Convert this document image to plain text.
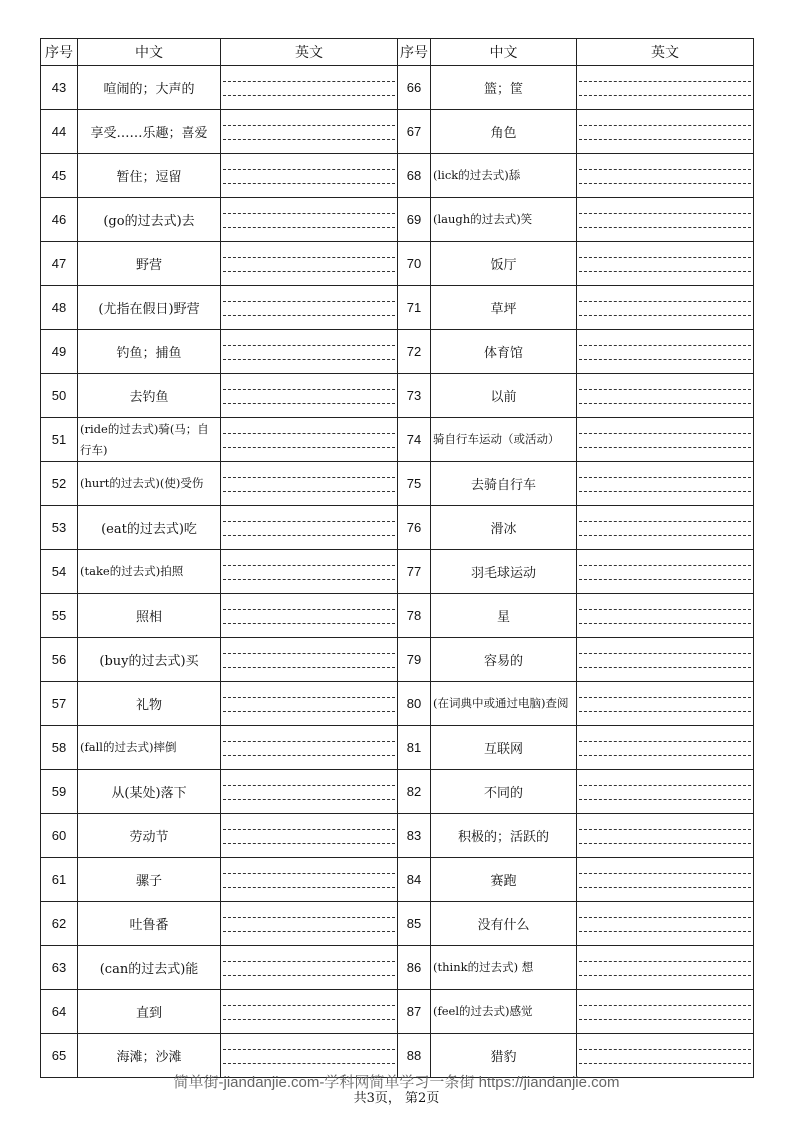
序号	中文	英文	序号	中文	英文
43	喧闹的；大声的		66	篮；筐	

44	享受……乐趣；喜爱		67	角色	

45	暂住；逗留		68	(lick的过去式)舔	

46	(go的过去式)去		69	(laugh的过去式)笑	

47	野营		70	饭厅	

48	(尤指在假日)野营		71	草坪	

49	钓鱼；捕鱼		72	体育馆	

50	去钓鱼		73	以前	

51	(ride的过去式)骑(马；自行车)		74	骑自行车运动（或活动）	

52	(hurt的过去式)(使)受伤		75	去骑自行车	

53	(eat的过去式)吃		76	滑冰	

54	(take的过去式)拍照		77	羽毛球运动	

55	照相		78	星	

56	(buy的过去式)买		79	容易的	

57	礼物		80	(在词典中或通过电脑)查阅	

58	(fall的过去式)摔倒		81	互联网	

59	从(某处)落下		82	不同的	

60	劳动节		83	积极的；活跃的	

61	骡子		84	赛跑	

62	吐鲁番		85	没有什么	

63	(can的过去式)能		86	(think的过去式) 想	

64	直到		87	(feel的过去式)感觉	

65	海滩；沙滩		88	猎豹	
简单街-jiandanjie.com-学科网简单学习一条街 https://jiandanjie.com
共3页， 第2页
